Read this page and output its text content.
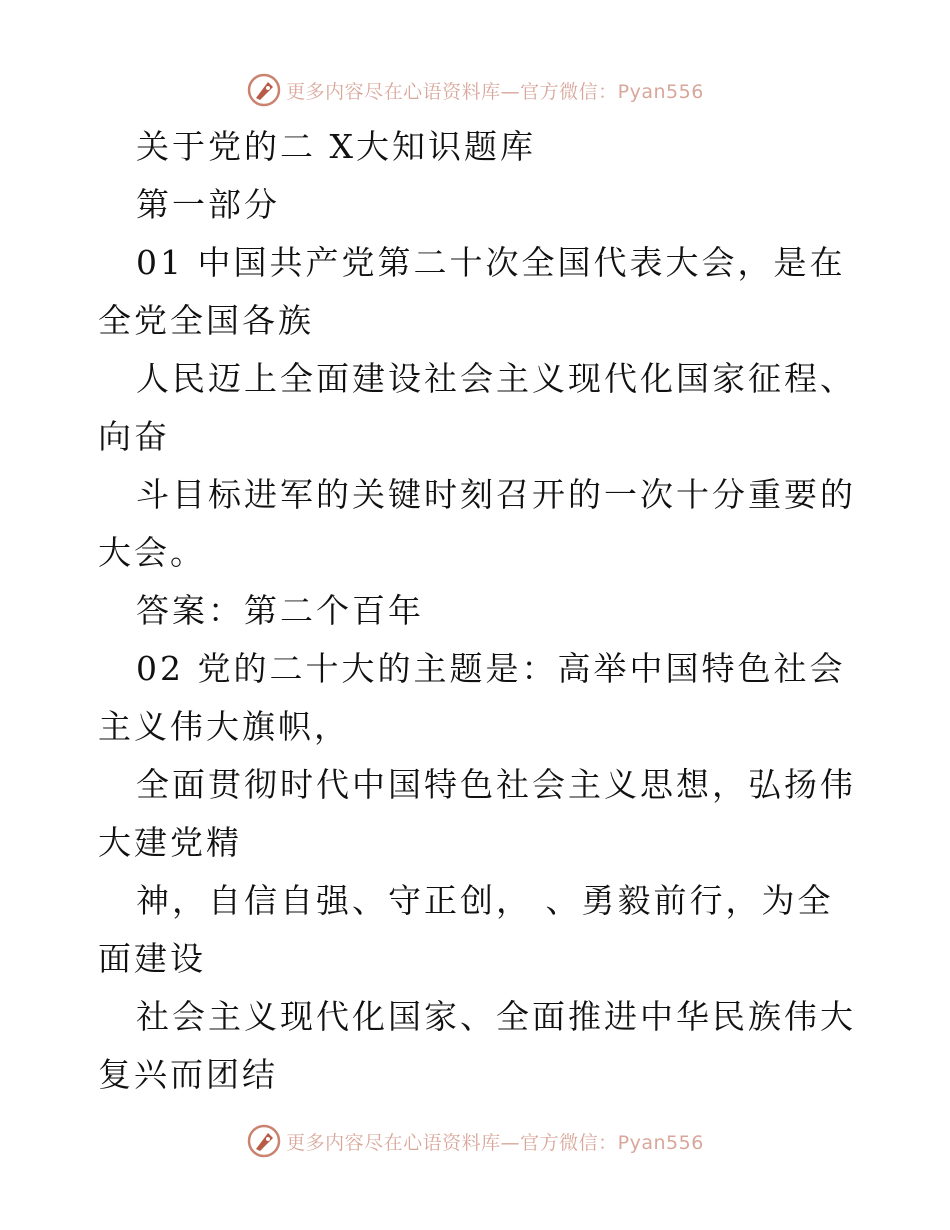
更多内容尽在心语资料库—官方微信：Pyan556

关于党的二 X大知识题库

第一部分

01 中国共产党第二十次全国代表大会，是在全党全国各族

人民迈上全面建设社会主义现代化国家征程、向奋

斗目标进军的关键时刻召开的一次十分重要的大会。

答案：第二个百年

02 党的二十大的主题是：高举中国特色社会主义伟大旗帜，

全面贯彻时代中国特色社会主义思想，弘扬伟大建党精

神，自信自强、守正创， 、勇毅前行，为全面建设

社会主义现代化国家、全面推进中华民族伟大复兴而团结

更多内容尽在心语资料库—官方微信：Pyan556
